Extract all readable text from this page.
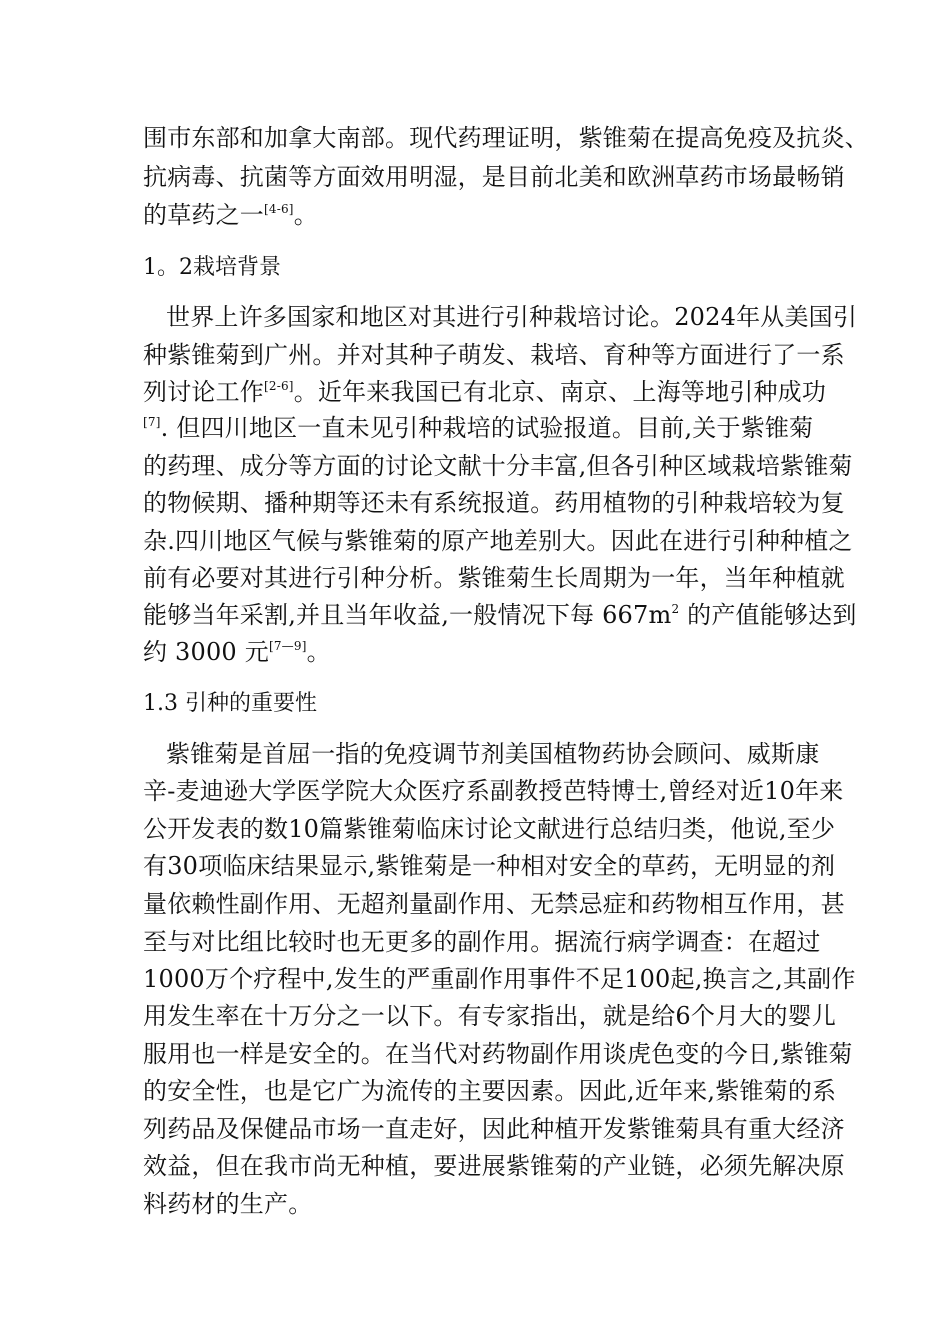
围巿东部和加拿大南部。现代药理证明，紫锥菊在提高免疫及抗炎、
抗病毒、抗菌等方面效用明湿，是目前北美和欧洲草药市场最畅销
的草药之一[4-6]。
1。2栽培背景
世界上许多国家和地区对其进行引种栽培讨论。2024年从美国引
种紫锥菊到广州。并对其种子萌发、栽培、育种等方面进行了一系
列讨论工作[2-6]。近年来我国已有北京、南京、上海等地引种成功
[7]. 但四川地区一直未见引种栽培的试验报道。目前,关于紫锥菊
的药理、成分等方面的讨论文献十分丰富,但各引种区域栽培紫锥菊
的物候期、播种期等还未有系统报道。药用植物的引种栽培较为复
杂.四川地区气候与紫锥菊的原产地差别大。因此在进行引种种植之
前有必要对其进行引种分析。紫锥菊生长周期为一年，当年种植就
能够当年采割,并且当年收益,一般情况下每 $667m^2$ 的产值能够达到
约 3000 元[7—9]。
1.3 引种的重要性
紫锥菊是首屈一指的免疫调节剂美国植物药协会顾问、威斯康
辛-麦迪逊大学医学院大众医疗系副教授芭特博士,曾经对近10年来
公开发表的数10篇紫锥菊临床讨论文献进行总结归类，他说,至少
有30项临床结果显示,紫锥菊是一种相对安全的草药，无明显的剂
量依赖性副作用、无超剂量副作用、无禁忌症和药物相互作用，甚
至与对比组比较时也无更多的副作用。据流行病学调查：在超过
1000万个疗程中,发生的严重副作用事件不足100起,换言之,其副作
用发生率在十万分之一以下。有专家指出，就是给6个月大的婴儿
服用也一样是安全的。在当代对药物副作用谈虎色变的今日,紫锥菊
的安全性，也是它广为流传的主要因素。因此,近年来,紫锥菊的系
列药品及保健品市场一直走好，因此种植开发紫锥菊具有重大经济
效益，但在我市尚无种植，要进展紫锥菊的产业链，必须先解决原
料药材的生产。
